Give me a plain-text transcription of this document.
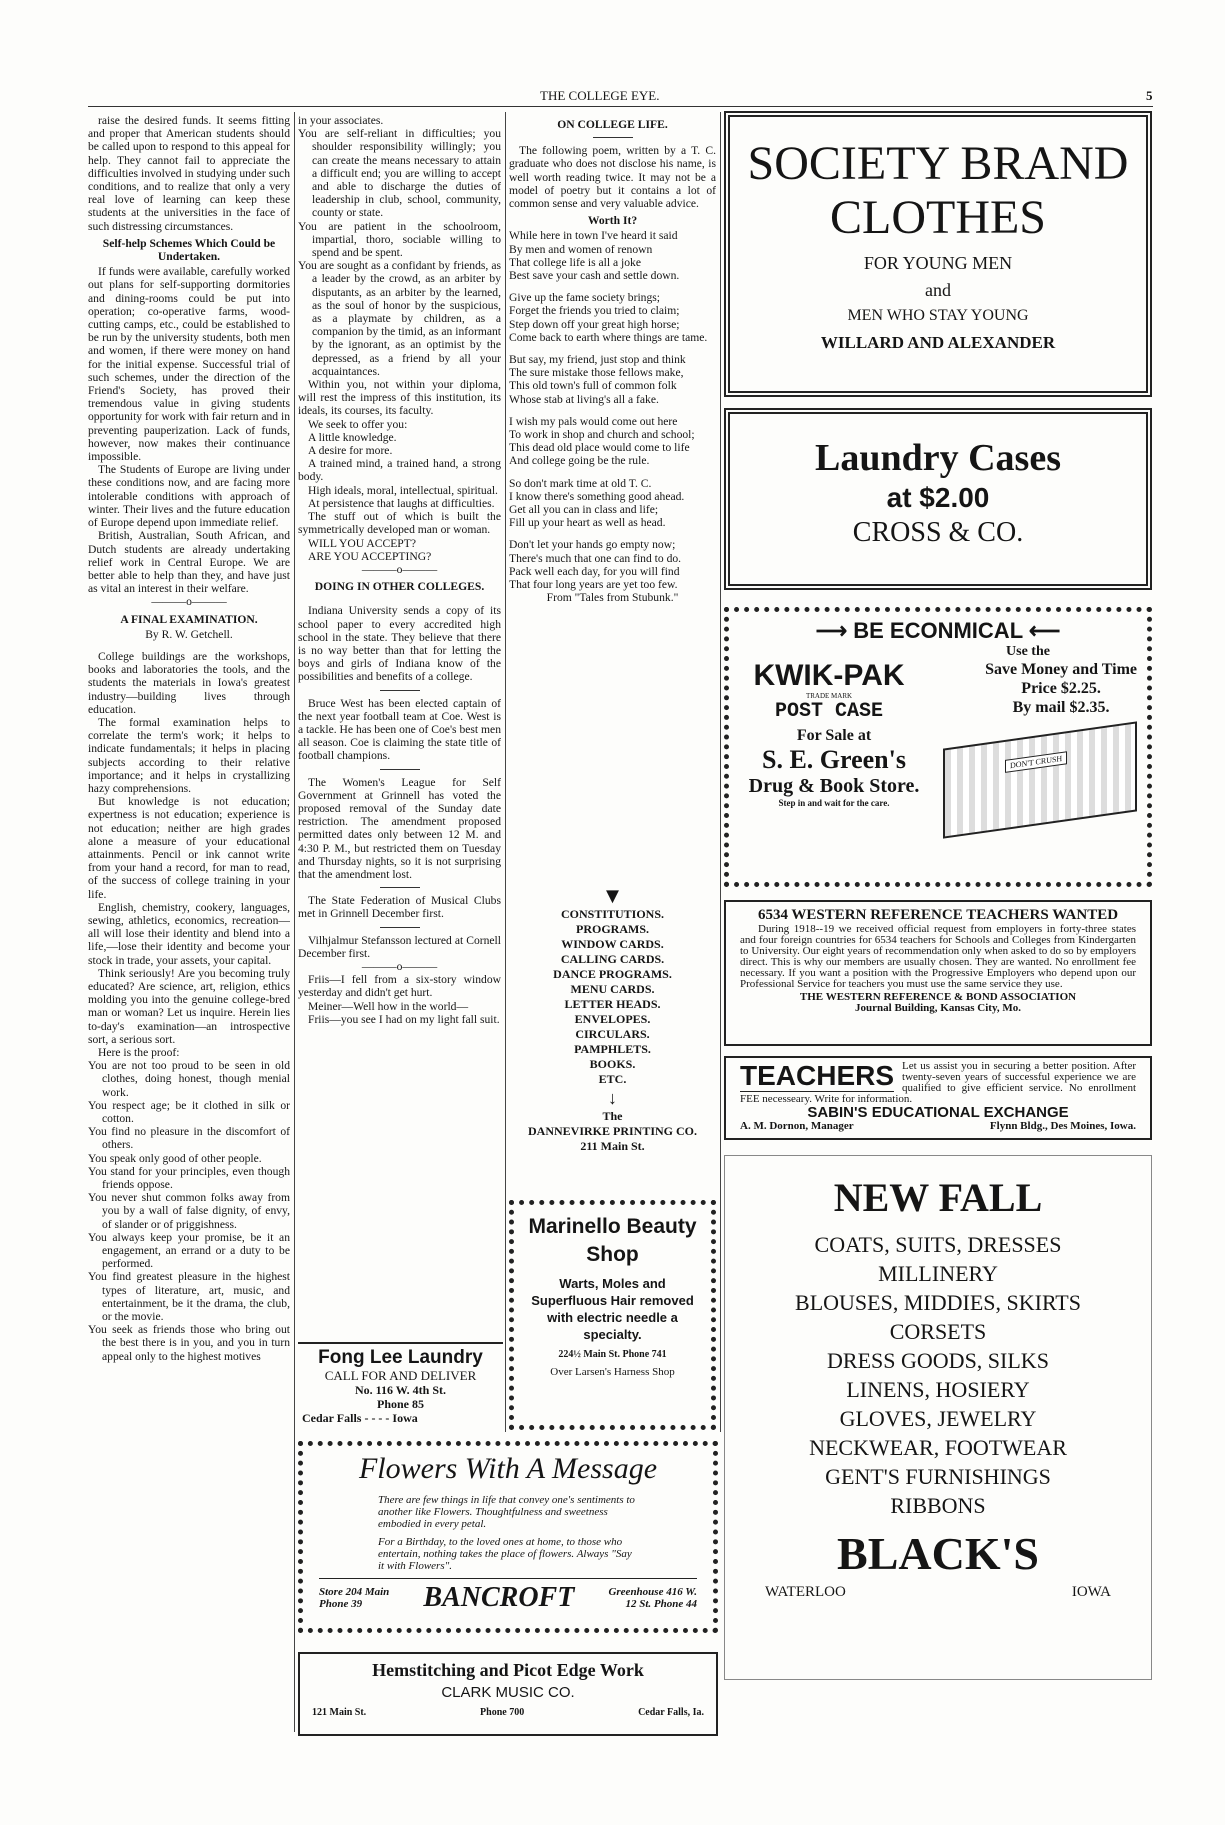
THE COLLEGE EYE.	5
raise the desired funds. It seems fitting and proper that American students should be called upon to respond to this appeal for help. They cannot fail to appreciate the difficulties involved in studying under such conditions, and to realize that only a very real love of learning can keep these students at the universities in the face of such distressing circumstances.
Self-help Schemes Which Could be Undertaken.
If funds were available, carefully worked out plans for self-supporting dormitories and dining-rooms could be put into operation; co-operative farms, wood-cutting camps, etc., could be established to be run by the university students, both men and women, if there were money on hand for the initial expense. Successful trial of such schemes, under the direction of the Friend's Society, has proved their tremendous value in giving students opportunity for work with fair return and in preventing pauperization. Lack of funds, however, now makes their continuance impossible.
The Students of Europe are living under these conditions now, and are facing more intolerable conditions with approach of winter. Their lives and the future education of Europe depend upon immediate relief.
British, Australian, South African, and Dutch students are already undertaking relief work in Central Europe. We are better able to help than they, and have just as vital an interest in their welfare.
———o———
A FINAL EXAMINATION.
By R. W. Getchell.
College buildings are the workshops, books and laboratories the tools, and the students the materials in Iowa's greatest industry—building lives through education.
The formal examination helps to correlate the term's work; it helps to indicate fundamentals; it helps in placing subjects according to their relative importance; and it helps in crystallizing hazy comprehensions.
But knowledge is not education; expertness is not education; experience is not education; neither are high grades alone a measure of your educational attainments. Pencil or ink cannot write from your hand a record, for man to read, of the success of college training in your life.
English, chemistry, cookery, languages, sewing, athletics, economics, recreation—all will lose their identity and blend into a life,—lose their identity and become your stock in trade, your assets, your capital.
Think seriously! Are you becoming truly educated? Are science, art, religion, ethics molding you into the genuine college-bred man or woman? Let us inquire. Herein lies to-day's examination—an introspective sort, a serious sort.
Here is the proof:
You are not too proud to be seen in old clothes, doing honest, though menial work.
You respect age; be it clothed in silk or cotton.
You find no pleasure in the discomfort of others.
You speak only good of other people.
You stand for your principles, even though friends oppose.
You never shut common folks away from you by a wall of false dignity, of envy, of slander or of priggishness.
You always keep your promise, be it an engagement, an errand or a duty to be performed.
You find greatest pleasure in the highest types of literature, art, music, and entertainment, be it the drama, the club, or the movie.
You seek as friends those who bring out the best there is in you, and you in turn appeal only to the highest motives
in your associates.
You are self-reliant in difficulties; you shoulder responsibility willingly; you can create the means necessary to attain a difficult end; you are willing to accept and able to discharge the duties of leadership in club, school, community, county or state.
You are patient in the schoolroom, impartial, thoro, sociable willing to spend and be spent.
You are sought as a confidant by friends, as a leader by the crowd, as an arbiter by disputants, as an arbiter by the learned, as the soul of honor by the suspicious, as a playmate by children, as a companion by the timid, as an informant by the ignorant, as an optimist by the depressed, as a friend by all your acquaintances.
Within you, not within your diploma, will rest the impress of this institution, its ideals, its courses, its faculty.
We seek to offer you:
A little knowledge.
A desire for more.
A trained mind, a trained hand, a strong body.
High ideals, moral, intellectual, spiritual.
At persistence that laughs at difficulties.
The stuff out of which is built the symmetrically developed man or woman.
WILL YOU ACCEPT?
ARE YOU ACCEPTING?
———o———
DOING IN OTHER COLLEGES.
Indiana University sends a copy of its school paper to every accredited high school in the state. They believe that there is no way better than that for letting the boys and girls of Indiana know of the possibilities and benefits of a college.
Bruce West has been elected captain of the next year football team at Coe. West is a tackle. He has been one of Coe's best men all season. Coe is claiming the state title of football champions.
The Women's League for Self Government at Grinnell has voted the proposed removal of the Sunday date restriction. The amendment proposed permitted dates only between 12 M. and 4:30 P. M., but restricted them on Tuesday and Thursday nights, so it is not surprising that the amendment lost.
The State Federation of Musical Clubs met in Grinnell December first.
Vilhjalmur Stefansson lectured at Cornell December first.
———o———
Friis—I fell from a six-story window yesterday and didn't get hurt.
Meiner—Well how in the world—
Friis—you see I had on my light fall suit.
ON COLLEGE LIFE.
The following poem, written by a T. C. graduate who does not disclose his name, is well worth reading twice. It may not be a model of poetry but it contains a lot of common sense and very valuable advice.
Worth It?
While here in town I've heard it said
By men and women of renown
That college life is all a joke
Best save your cash and settle down.
Give up the fame society brings;
Forget the friends you tried to claim;
Step down off your great high horse;
Come back to earth where things are tame.
But say, my friend, just stop and think
The sure mistake those fellows make,
This old town's full of common folk
Whose stab at living's all a fake.
I wish my pals would come out here
To work in shop and church and school;
This dead old place would come to life
And college going be the rule.
So don't mark time at old T. C.
I know there's something good ahead.
Get all you can in class and life;
Fill up your heart as well as head.
Don't let your hands go empty now;
There's much that one can find to do.
Pack well each day, for you will find
That four long years are yet too few.
From "Tales from Stubunk."
Fong Lee Laundry
CALL FOR AND DELIVER
No. 116 W. 4th St.
Phone 85
Cedar Falls - - - - Iowa
▼
CONSTITUTIONS.
PROGRAMS.
WINDOW CARDS.
CALLING CARDS.
DANCE PROGRAMS.
MENU CARDS.
LETTER HEADS.
ENVELOPES.
CIRCULARS.
PAMPHLETS.
BOOKS.
ETC.
↓
The
DANNEVIRKE PRINTING CO.
211 Main St.
Marinello Beauty Shop
Warts, Moles and Superfluous Hair removed with electric needle a specialty.
224½ Main St. Phone 741
Over Larsen's Harness Shop
Flowers With A Message
There are few things in life that convey one's sentiments to another like Flowers. Thoughtfulness and sweetness embodied in every petal.
For a Birthday, to the loved ones at home, to those who entertain, nothing takes the place of flowers. Always "Say it with Flowers".
Store 204 Main
Phone 39	BANCROFT	Greenhouse 416 W.
12 St. Phone 44
Hemstitching and Picot Edge Work
CLARK MUSIC CO.
121 Main St.	Phone 700	Cedar Falls, Ia.
SOCIETY BRAND
CLOTHES
FOR YOUNG MEN
and
MEN WHO STAY YOUNG
WILLARD AND ALEXANDER
Laundry Cases
at $2.00
CROSS & CO.
⟶ BE ECONMICAL ⟵
Use the
KWIK-PAK
TRADE MARK
POST CASE
Save Money and Time
Price $2.25.
By mail $2.35.
For Sale at
S. E. Green's
Drug & Book Store.
Step in and wait for the care.
DON'T CRUSH
6534 WESTERN REFERENCE TEACHERS WANTED
During 1918--19 we received official request from employers in forty-three states and four foreign countries for 6534 teachers for Schools and Colleges from Kindergarten to University. Our eight years of recommendation only when asked to do so by employers direct. This is why our members are usually chosen. They are wanted. No enrollment fee necessary. If you want a position with the Progressive Employers who depend upon our Professional Service for teachers you must use the same service they use.
THE WESTERN REFERENCE & BOND ASSOCIATION
Journal Building, Kansas City, Mo.
TEACHERS Let us assist you in securing a better position. After twenty-seven years of successful experience we are qualified to give efficient service. No enrollment FEE necesseary. Write for information.
SABIN'S EDUCATIONAL EXCHANGE
A. M. Dornon, Manager	Flynn Bldg., Des Moines, Iowa.
NEW FALL
COATS, SUITS, DRESSES
MILLINERY
BLOUSES, MIDDIES, SKIRTS
CORSETS
DRESS GOODS, SILKS
LINENS, HOSIERY
GLOVES, JEWELRY
NECKWEAR, FOOTWEAR
GENT'S FURNISHINGS
RIBBONS
BLACK'S
WATERLOO	IOWA
